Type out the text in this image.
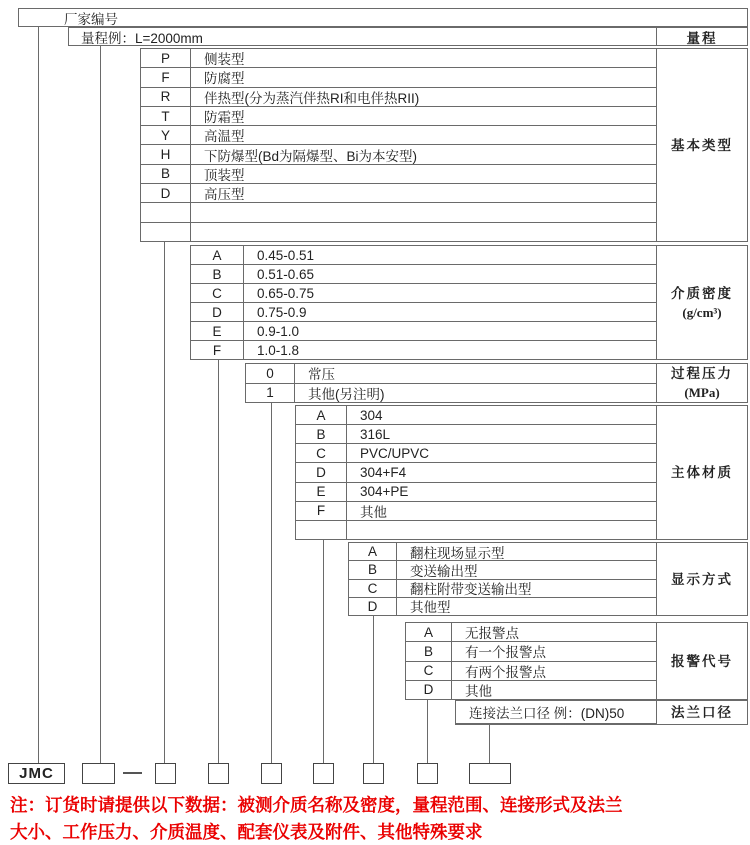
厂家编号
量程例：L=2000mm	量程
基本类型
P	侧装型
F	防腐型
R	伴热型(分为蒸汽伴热RI和电伴热RII)
T	防霜型
Y	高温型
H	下防爆型(Bd为隔爆型、Bi为本安型)
B	顶装型
D	高压型
介质密度
(g/cm³)
A	0.45-0.51
B	0.51-0.65
C	0.65-0.75
D	0.75-0.9
E	0.9-1.0
F	1.0-1.8
过程压力
(MPa)
0	常压
1	其他(另注明)
主体材质
A	304
B	316L
C	PVC/UPVC
D	304+F4
E	304+PE
F	其他
显示方式
A	翻柱现场显示型
B	变送输出型
C	翻柱附带变送输出型
D	其他型
报警代号
A	无报警点
B	有一个报警点
C	有两个报警点
D	其他
连接法兰口径 例：(DN)50	法兰口径
JMC
注：订货时请提供以下数据：被测介质名称及密度，量程范围、连接形式及法兰
大小、工作压力、介质温度、配套仪表及附件、其他特殊要求
